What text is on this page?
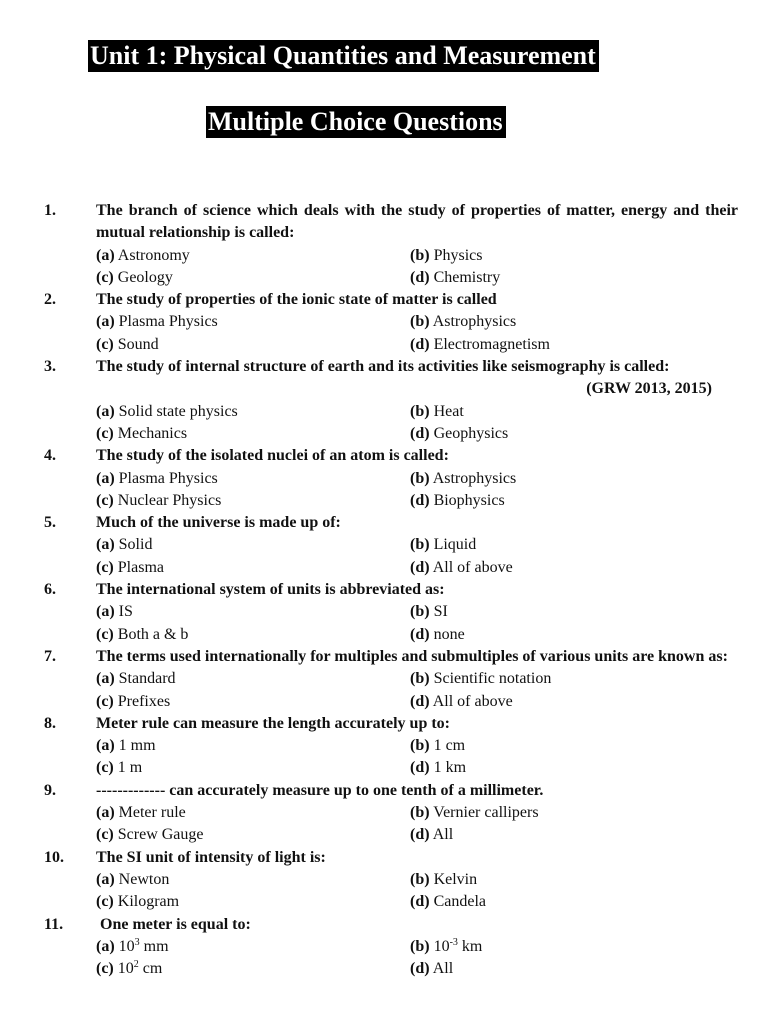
Unit 1: Physical Quantities and Measurement
Multiple Choice Questions
1.	The branch of science which deals with the study of properties of matter, energy and their mutual relationship is called:
(a) Astronomy	(b) Physics
(c) Geology	(d) Chemistry
2.	The study of properties of the ionic state of matter is called
(a) Plasma Physics	(b) Astrophysics
(c) Sound	(d) Electromagnetism
3.	The study of internal structure of earth and its activities like seismography is called:
(GRW 2013, 2015)
(a) Solid state physics	(b) Heat
(c) Mechanics	(d) Geophysics
4.	The study of the isolated nuclei of an atom is called:
(a) Plasma Physics	(b) Astrophysics
(c) Nuclear Physics	(d) Biophysics
5.	Much of the universe is made up of:
(a) Solid	(b) Liquid
(c) Plasma	(d) All of above
6.	The international system of units is abbreviated as:
(a) IS	(b) SI
(c) Both a & b	(d) none
7.	The terms used internationally for multiples and submultiples of various units are known as:
(a) Standard	(b) Scientific notation
(c) Prefixes	(d) All of above
8.	Meter rule can measure the length accurately up to:
(a) 1 mm	(b) 1 cm
(c) 1 m	(d) 1 km
9.	------------- can accurately measure up to one tenth of a millimeter.
(a) Meter rule	(b) Vernier callipers
(c) Screw Gauge	(d) All
10. The SI unit of intensity of light is:
(a) Newton	(b) Kelvin
(c) Kilogram	(d) Candela
11. One meter is equal to:
(a) $10^3$ mm	(b) $10^{-3}$ km
(c) $10^2$ cm	(d) All
